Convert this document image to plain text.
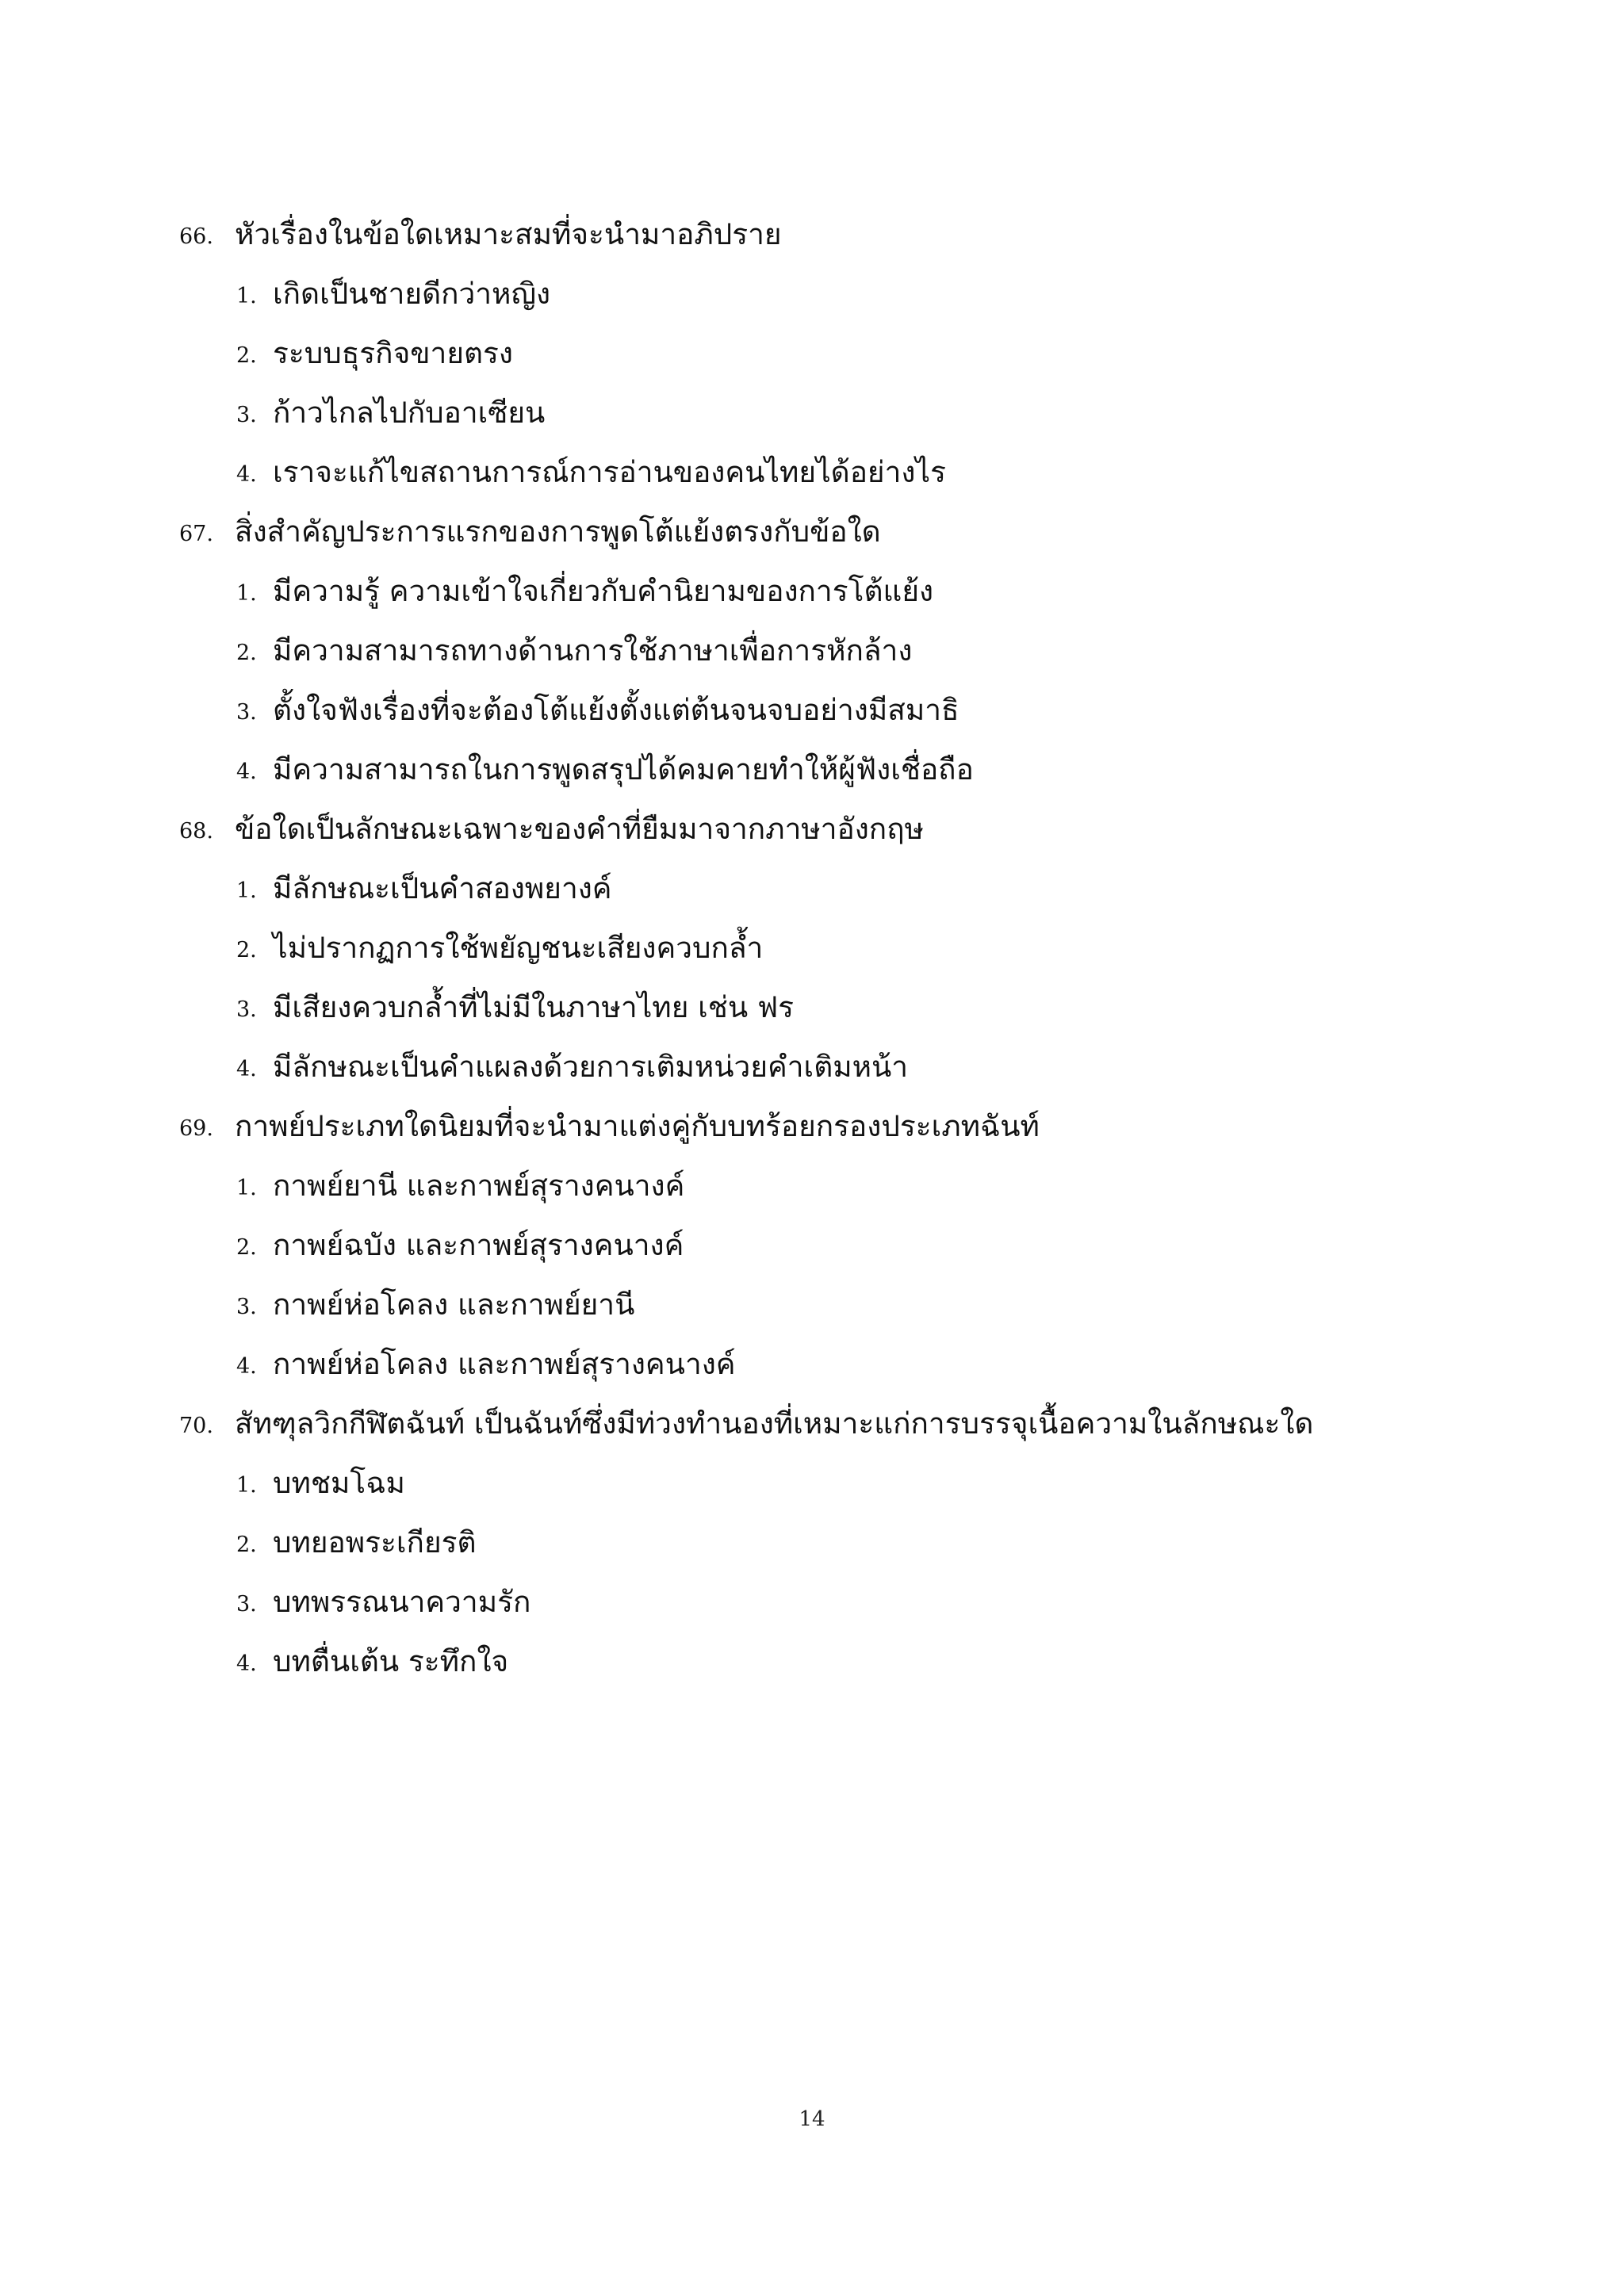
66. หัวเรื่องในข้อใดเหมาะสมที่จะนำมาอภิปราย
1. เกิดเป็นชายดีกว่าหญิง
2. ระบบธุรกิจขายตรง
3. ก้าวไกลไปกับอาเซียน
4. เราจะแก้ไขสถานการณ์การอ่านของคนไทยได้อย่างไร
67. สิ่งสำคัญประการแรกของการพูดโต้แย้งตรงกับข้อใด
1. มีความรู้ ความเข้าใจเกี่ยวกับคำนิยามของการโต้แย้ง
2. มีความสามารถทางด้านการใช้ภาษาเพื่อการหักล้าง
3. ตั้งใจฟังเรื่องที่จะต้องโต้แย้งตั้งแต่ต้นจนจบอย่างมีสมาธิ
4. มีความสามารถในการพูดสรุปได้คมคายทำให้ผู้ฟังเชื่อถือ
68. ข้อใดเป็นลักษณะเฉพาะของคำที่ยืมมาจากภาษาอังกฤษ
1. มีลักษณะเป็นคำสองพยางค์
2. ไม่ปรากฏการใช้พยัญชนะเสียงควบกล้ำ
3. มีเสียงควบกล้ำที่ไม่มีในภาษาไทย เช่น ฟร
4. มีลักษณะเป็นคำแผลงด้วยการเติมหน่วยคำเติมหน้า
69. กาพย์ประเภทใดนิยมที่จะนำมาแต่งคู่กับบทร้อยกรองประเภทฉันท์
1. กาพย์ยานี และกาพย์สุรางคนางค์
2. กาพย์ฉบัง และกาพย์สุรางคนางค์
3. กาพย์ห่อโคลง และกาพย์ยานี
4. กาพย์ห่อโคลง และกาพย์สุรางคนางค์
70. สัทฑุลวิกกีฬิตฉันท์ เป็นฉันท์ซึ่งมีท่วงทำนองที่เหมาะแก่การบรรจุเนื้อความในลักษณะใด
1. บทชมโฉม
2. บทยอพระเกียรติ
3. บทพรรณนาความรัก
4. บทตื่นเต้น ระทึกใจ
14
